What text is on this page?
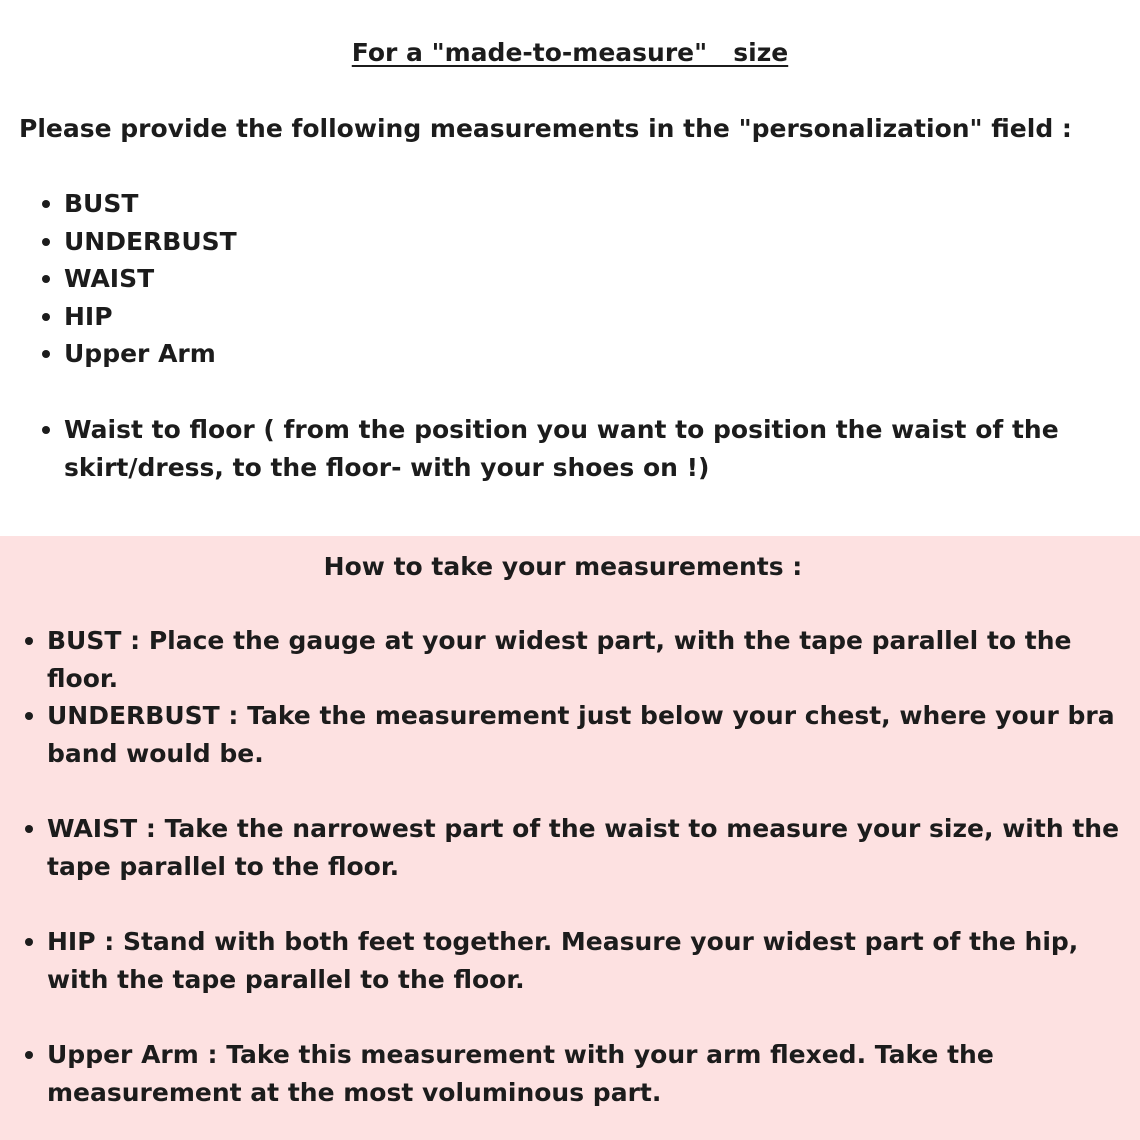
For a "made-to-measure"   size
Please provide the following measurements in the "personalization" field :
BUST
UNDERBUST
WAIST
HIP
Upper Arm
Waist to floor ( from the position you want to position the waist of the skirt/dress, to the floor- with your shoes on !)
How to take your measurements :
BUST : Place the gauge at your widest part, with the tape parallel to the floor.
UNDERBUST : Take the measurement just below your chest, where your bra band would be.
WAIST : Take the narrowest part of the waist to measure your size, with the tape parallel to the floor.
HIP : Stand with both feet together. Measure your widest part of the hip, with the tape parallel to the floor.
Upper Arm : Take this measurement with your arm flexed. Take the measurement at the most voluminous part.
